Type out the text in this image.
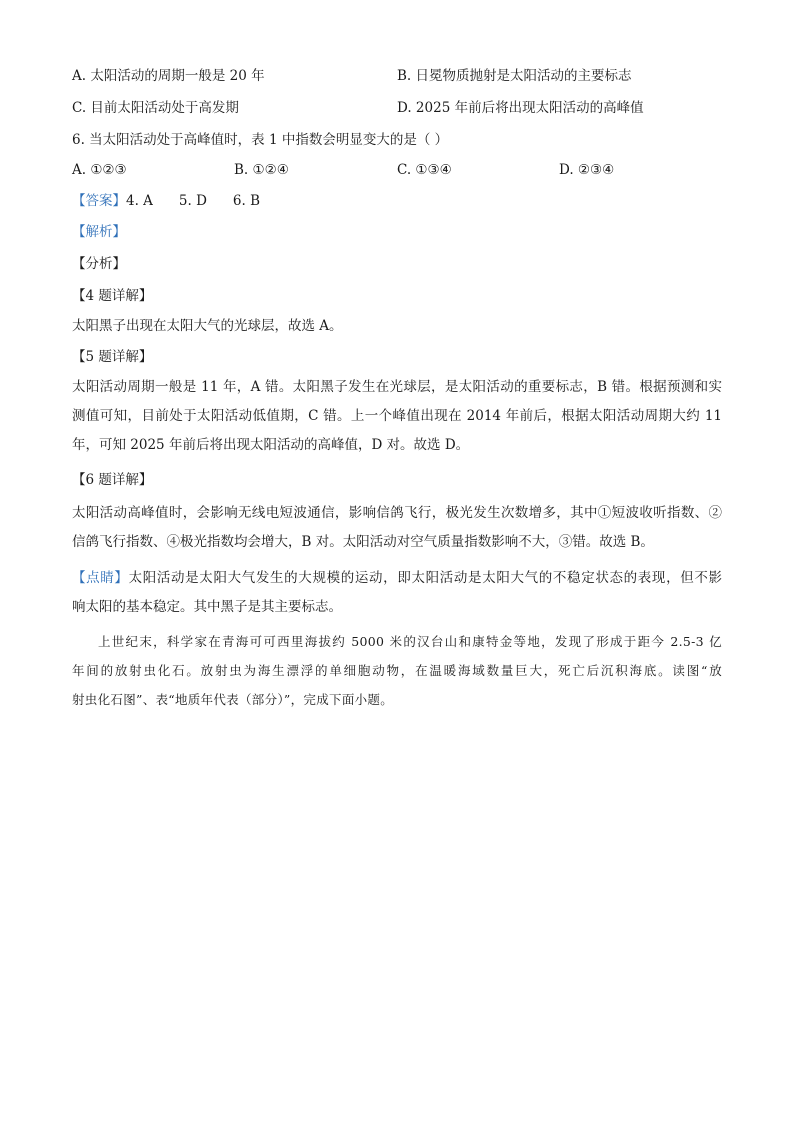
A. 太阳活动的周期一般是 20 年	B. 日冕物质抛射是太阳活动的主要标志
C. 目前太阳活动处于高发期	D. 2025 年前后将出现太阳活动的高峰值
6. 当太阳活动处于高峰值时，表 1 中指数会明显变大的是（ ）
A. ①②③	B. ①②④	C. ①③④	D. ②③④
【答案】4. A 5. D 6. B
【解析】
【分析】
【4 题详解】
太阳黑子出现在太阳大气的光球层，故选 A。
【5 题详解】
太阳活动周期一般是 11 年，A 错。太阳黑子发生在光球层，是太阳活动的重要标志，B 错。根据预测和实
测值可知，目前处于太阳活动低值期，C 错。上一个峰值出现在 2014 年前后，根据太阳活动周期大约 11
年，可知 2025 年前后将出现太阳活动的高峰值，D 对。故选 D。
【6 题详解】
太阳活动高峰值时，会影响无线电短波通信，影响信鸽飞行，极光发生次数增多，其中①短波收听指数、②
信鸽飞行指数、④极光指数均会增大，B 对。太阳活动对空气质量指数影响不大，③错。故选 B。
【点睛】太阳活动是太阳大气发生的大规模的运动，即太阳活动是太阳大气的不稳定状态的表现，但不影
响太阳的基本稳定。其中黑子是其主要标志。
上世纪末，科学家在青海可可西里海拔约 5000 米的汉台山和康特金等地，发现了形成于距今 2.5-3 亿
年间的放射虫化石。放射虫为海生漂浮的单细胞动物，在温暖海域数量巨大，死亡后沉积海底。读图“放
射虫化石图”、表“地质年代表（部分）”，完成下面小题。
